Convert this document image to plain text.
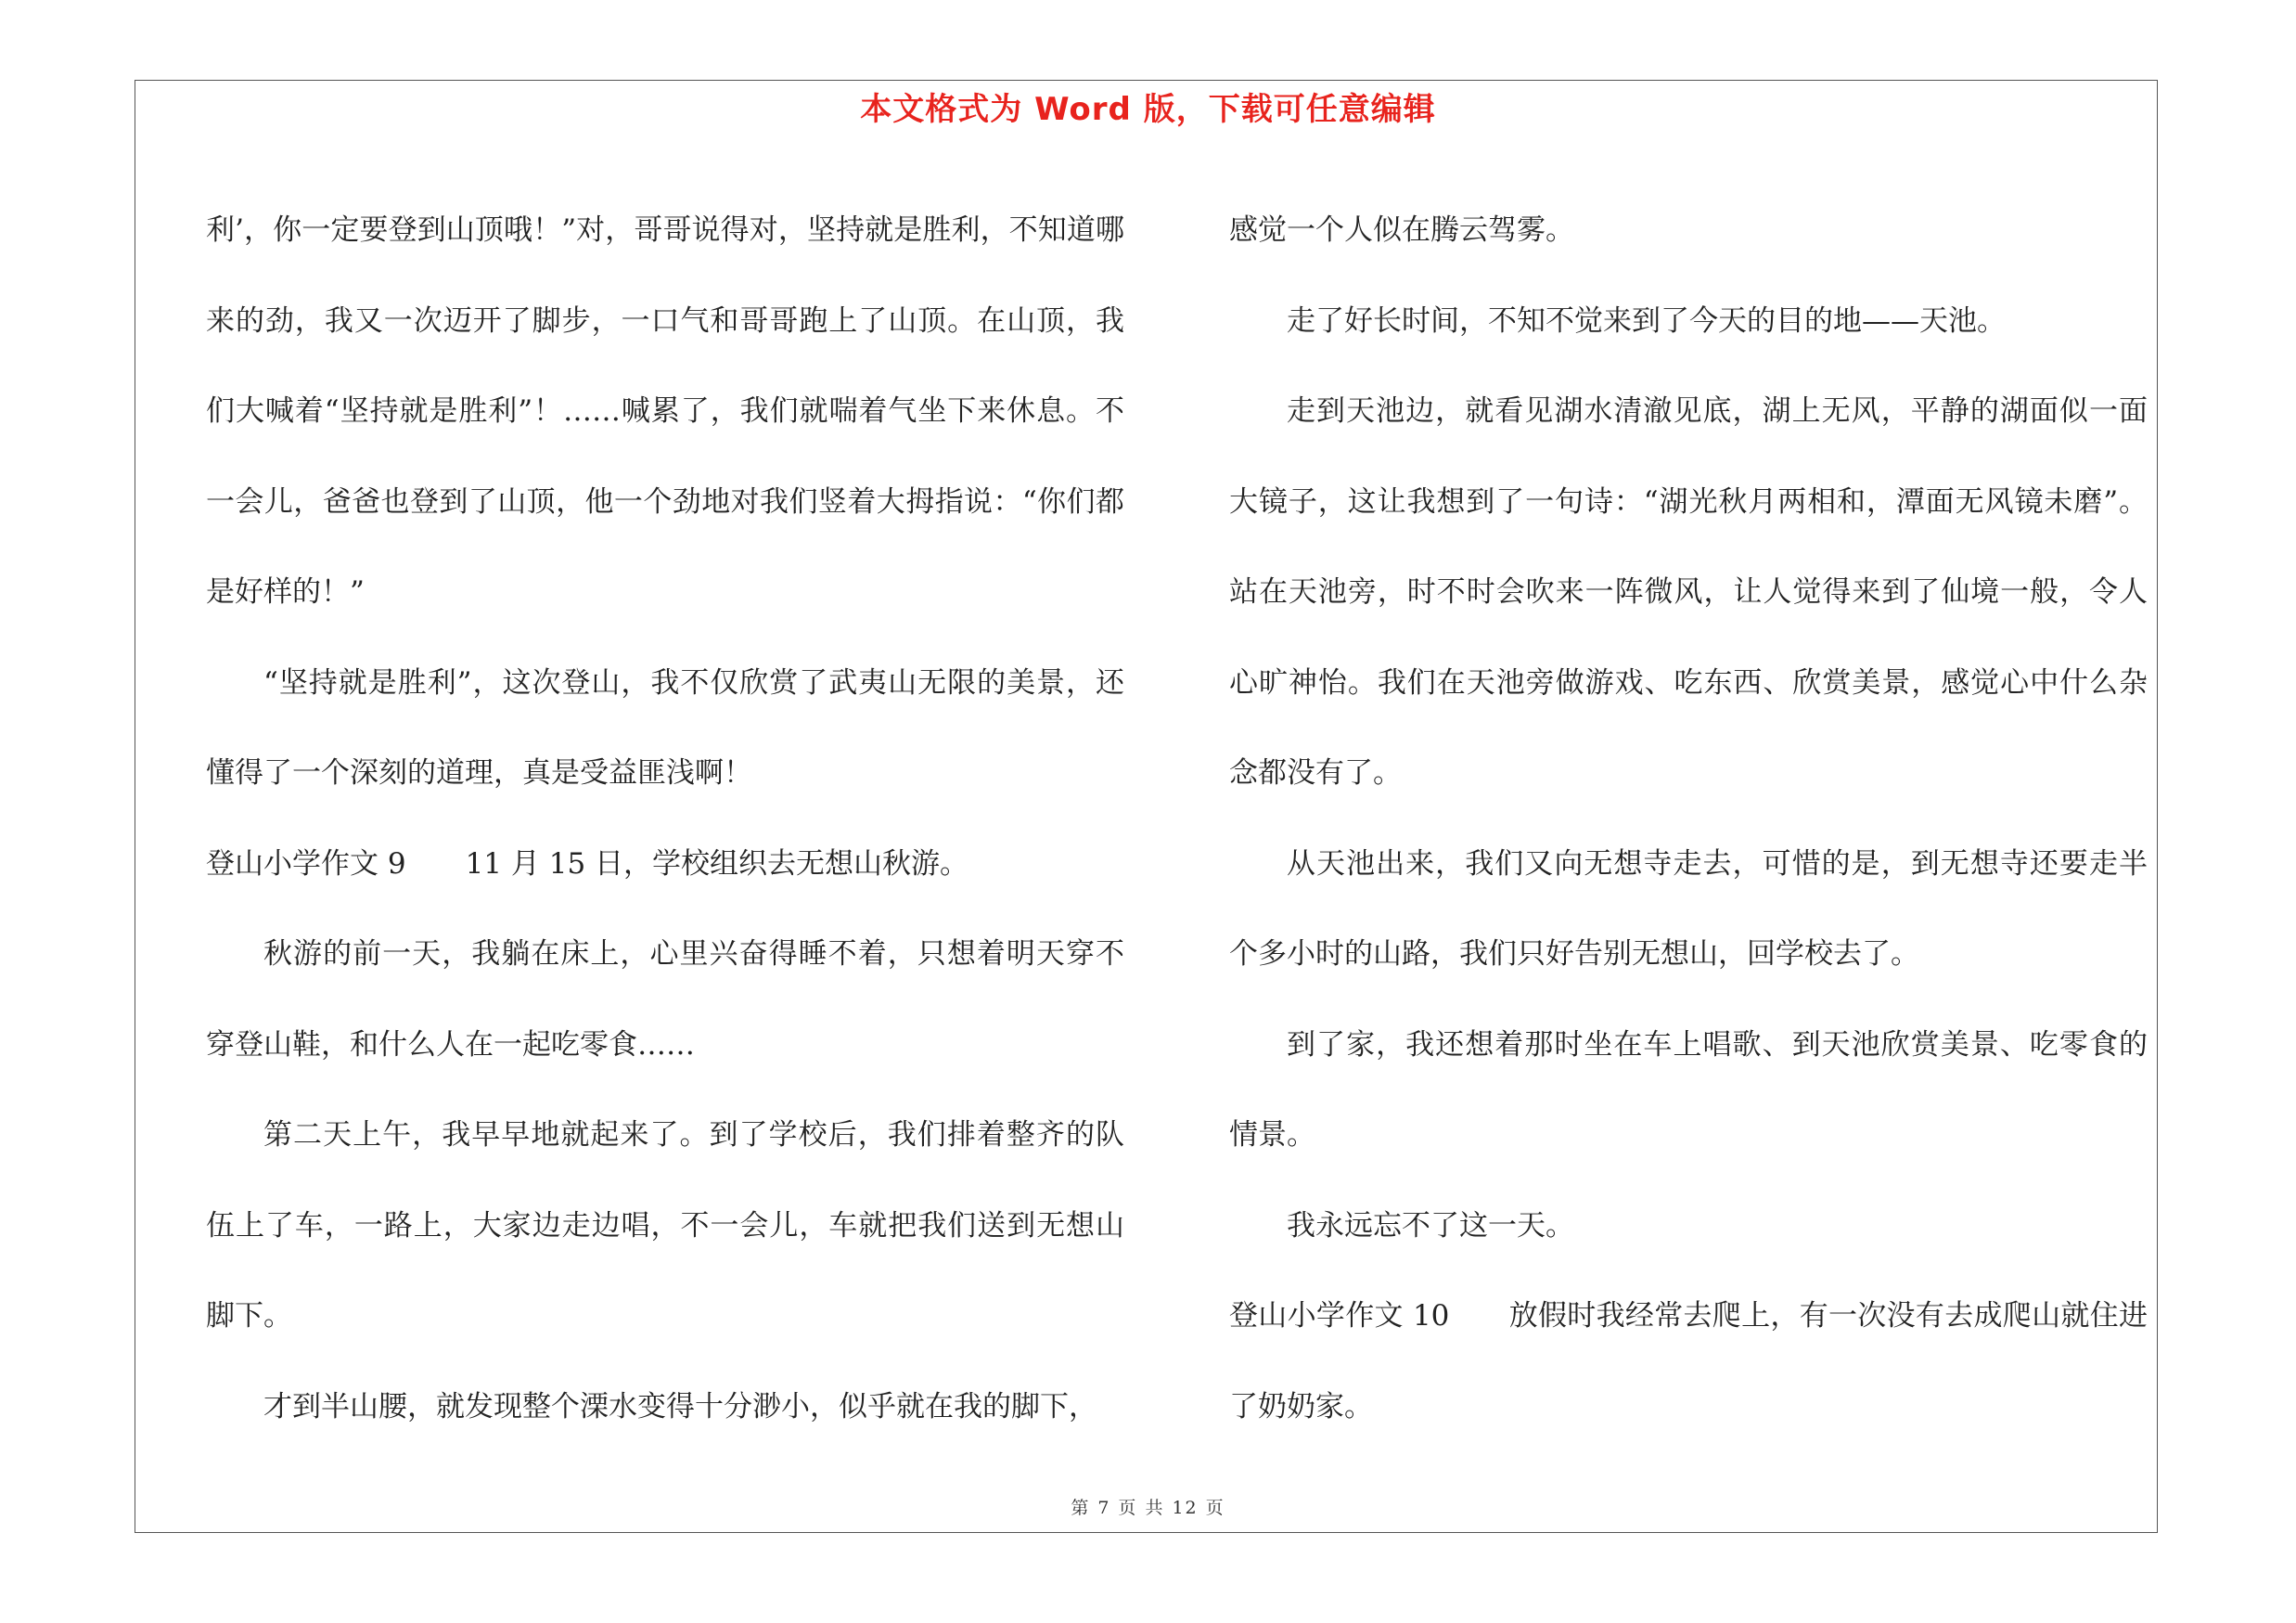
本文格式为 Word 版，下载可任意编辑

利’，你一定要登到山顶哦！”对，哥哥说得对，坚持就是胜利，不知道哪来的劲，我又一次迈开了脚步，一口气和哥哥跑上了山顶。在山顶，我们大喊着“坚持就是胜利”！……喊累了，我们就喘着气坐下来休息。不一会儿，爸爸也登到了山顶，他一个劲地对我们竖着大拇指说：“你们都是好样的！”

“坚持就是胜利”，这次登山，我不仅欣赏了武夷山无限的美景，还懂得了一个深刻的道理，真是受益匪浅啊！

登山小学作文 9 11 月 15 日，学校组织去无想山秋游。

秋游的前一天，我躺在床上，心里兴奋得睡不着，只想着明天穿不穿登山鞋，和什么人在一起吃零食……

第二天上午，我早早地就起来了。到了学校后，我们排着整齐的队伍上了车，一路上，大家边走边唱，不一会儿，车就把我们送到无想山脚下。

才到半山腰，就发现整个溧水变得十分渺小，似乎就在我的脚下，

感觉一个人似在腾云驾雾。

走了好长时间，不知不觉来到了今天的目的地——天池。

走到天池边，就看见湖水清澈见底，湖上无风，平静的湖面似一面大镜子，这让我想到了一句诗：“湖光秋月两相和，潭面无风镜未磨”。站在天池旁，时不时会吹来一阵微风，让人觉得来到了仙境一般，令人心旷神怡。我们在天池旁做游戏、吃东西、欣赏美景，感觉心中什么杂念都没有了。

从天池出来，我们又向无想寺走去，可惜的是，到无想寺还要走半个多小时的山路，我们只好告别无想山，回学校去了。

到了家，我还想着那时坐在车上唱歌、到天池欣赏美景、吃零食的情景。

我永远忘不了这一天。

登山小学作文 10 放假时我经常去爬上，有一次没有去成爬山就住进了奶奶家。

第 7 页 共 12 页
